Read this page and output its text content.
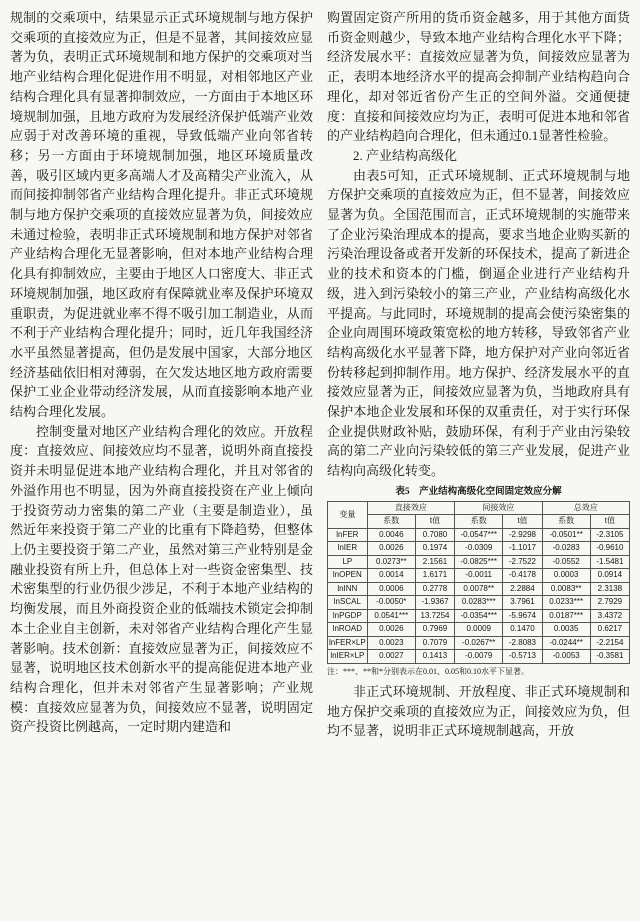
规制的交乘项中，结果显示正式环境规制与地方保护交乘项的直接效应为正，但是不显著，其间接效应显著为负，表明正式环境规制和地方保护的交乘项对当地产业结构合理化促进作用不明显，对相邻地区产业结构合理化具有显著抑制效应，一方面由于本地区环境规制加强，且地方政府为发展经济保护低端产业效应弱于对改善环境的重视，导致低端产业向邻省转移；另一方面由于环境规制加强，地区环境质量改善，吸引区域内更多高端人才及高精尖产业流入，从而间接抑制邻省产业结构合理化提升。非正式环境规制与地方保护交乘项的直接效应显著为负，间接效应未通过检验，表明非正式环境规制和地方保护对邻省产业结构合理化无显著影响，但对本地产业结构合理化具有抑制效应，主要由于地区人口密度大、非正式环境规制加强，地区政府有保障就业率及保护环境双重职责，为促进就业率不得不吸引加工制造业，从而不利于产业结构合理化提升；同时，近几年我国经济水平虽然显著提高，但仍是发展中国家，大部分地区经济基础依旧相对薄弱，在欠发达地区地方政府需要保护工业企业带动经济发展，从而直接影响本地产业结构合理化发展。

控制变量对地区产业结构合理化的效应。开放程度：直接效应、间接效应均不显著，说明外商直接投资并未明显促进本地产业结构合理化，并且对邻省的外溢作用也不明显，因为外商直接投资在产业上倾向于投资劳动力密集的第二产业（主要是制造业），虽然近年来投资于第二产业的比重有下降趋势，但整体上仍主要投资于第二产业，虽然对第三产业特别是金融业投资有所上升，但总体上对一些资金密集型、技术密集型的行业仍很少涉足，不利于本地产业结构的均衡发展，而且外商投资企业的低端技术锁定会抑制本土企业自主创新，未对邻省产业结构合理化产生显著影响。技术创新：直接效应显著为正，间接效应不显著，说明地区技术创新水平的提高能促进本地产业结构合理化，但并未对邻省产生显著影响；产业规模：直接效应显著为负，间接效应不显著，说明固定资产投资比例越高，一定时期内建造和

购置固定资产所用的货币资金越多，用于其他方面货币资金则越少，导致本地产业结构合理化水平下降；经济发展水平：直接效应显著为负，间接效应显著为正，表明本地经济水平的提高会抑制产业结构趋向合理化，却对邻近省份产生正的空间外溢。交通便捷度：直接和间接效应均为正，表明可促进本地和邻省的产业结构趋向合理化，但未通过0.1显著性检验。

2. 产业结构高级化

由表5可知，正式环境规制、正式环境规制与地方保护交乘项的直接效应为正，但不显著，间接效应显著为负。全国范围而言，正式环境规制的实施带来了企业污染治理成本的提高，要求当地企业购买新的污染治理设备或者开发新的环保技术，提高了新进企业的技术和资本的门槛，倒逼企业进行产业结构升级，进入到污染较小的第三产业，产业结构高级化水平提高。与此同时，环境规制的提高会使污染密集的企业向周围环境政策宽松的地方转移，导致邻省产业结构高级化水平显著下降，地方保护对产业向邻近省份转移起到抑制作用。地方保护、经济发展水平的直接效应显著为正，间接效应显著为负，当地政府具有保护本地企业发展和环保的双重责任，对于实行环保企业提供财政补贴，鼓励环保，有利于产业由污染较高的第二产业向污染较低的第三产业发展，促进产业结构向高级化转变。

表5　产业结构高级化空间固定效应分解
变量	直接效应		间接效应		总效应	
	系数	t值	系数	t值	系数	t值
lnFER	0.0046	0.7080	-0.0547***	-2.9298	-0.0501**	-2.3105
lnIER	0.0026	0.1974	-0.0309	-1.1017	-0.0283	-0.9610
LP	0.0273**	2.1561	-0.0825***	-2.7522	-0.0552	-1.5481
lnOPEN	0.0014	1.6171	-0.0011	-0.4178	0.0003	0.0914
lnINN	0.0006	0.2778	0.0078**	2.2884	0.0083**	2.3138
lnSCAL	-0.0050*	-1.9367	0.0283***	3.7961	0.0233***	2.7929
lnPGDP	0.0541***	13.7254	-0.0354***	-5.9674	0.0187***	3.4372
lnROAD	0.0026	0.7969	0.0009	0.1470	0.0035	0.6217
lnFER×LP	0.0023	0.7079	-0.0267**	-2.8083	-0.0244**	-2.2154
lnIER×LP	0.0027	0.1413	-0.0079	-0.5713	-0.0053	-0.3581
注：***、**和*分别表示在0.01、0.05和0.10水平下显著。

非正式环境规制、开放程度、非正式环境规制和地方保护交乘项的直接效应为正，间接效应为负，但均不显著，说明非正式环境规制越高，开放
